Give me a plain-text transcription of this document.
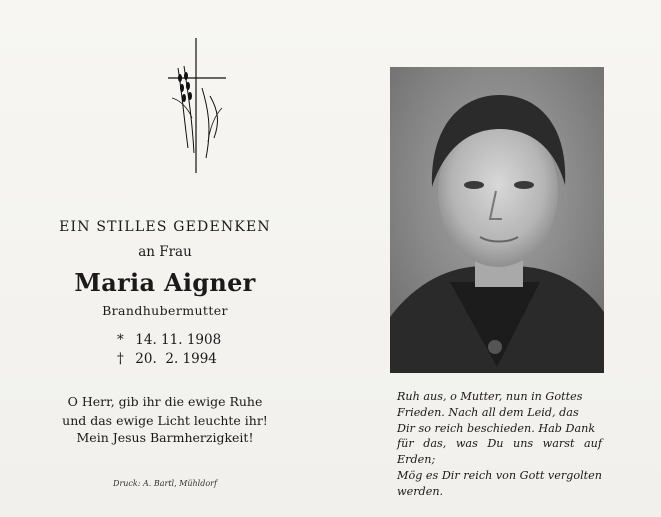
EIN STILLES GEDENKEN
an Frau
Maria Aigner
Brandhubermutter
* 14. 11. 1908
† 20.  2. 1994
O Herr, gib ihr die ewige Ruhe
und das ewige Licht leuchte ihr!
Mein Jesus Barmherzigkeit!
Druck: A. Bartl, Mühldorf
Ruh aus, o Mutter, nun in Gottes
Frieden. Nach all dem Leid, das
Dir so reich beschieden. Hab Dank
für das, was Du uns warst auf Erden;
Mög es Dir reich von Gott vergolten
werden.
